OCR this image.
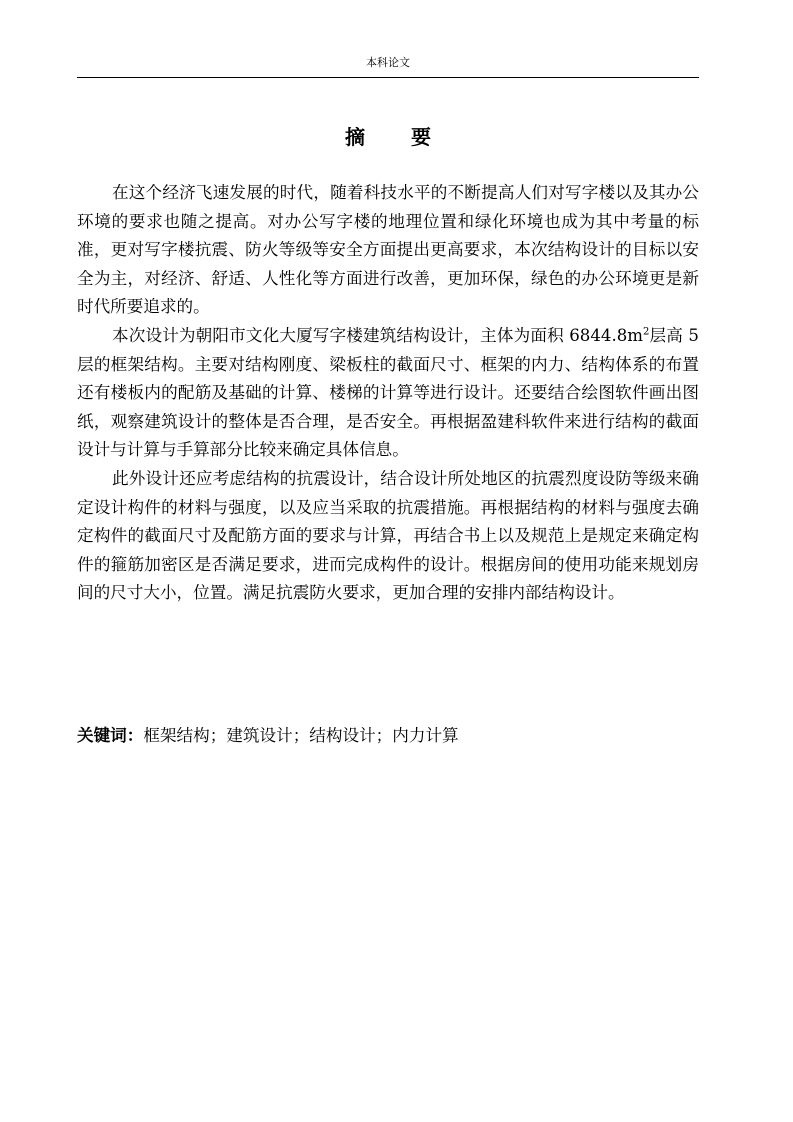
本科论文
摘要

在这个经济飞速发展的时代，随着科技水平的不断提高人们对写字楼以及其办公环境的要求也随之提高。对办公写字楼的地理位置和绿化环境也成为其中考量的标准，更对写字楼抗震、防火等级等安全方面提出更高要求，本次结构设计的目标以安全为主，对经济、舒适、人性化等方面进行改善，更加环保，绿色的办公环境更是新时代所要追求的。

本次设计为朝阳市文化大厦写字楼建筑结构设计，主体为面积 $6844.8m^2$层高 5 层的框架结构。主要对结构刚度、梁板柱的截面尺寸、框架的内力、结构体系的布置还有楼板内的配筋及基础的计算、楼梯的计算等进行设计。还要结合绘图软件画出图纸，观察建筑设计的整体是否合理，是否安全。再根据盈建科软件来进行结构的截面设计与计算与手算部分比较来确定具体信息。

此外设计还应考虑结构的抗震设计，结合设计所处地区的抗震烈度设防等级来确定设计构件的材料与强度，以及应当采取的抗震措施。再根据结构的材料与强度去确定构件的截面尺寸及配筋方面的要求与计算，再结合书上以及规范上是规定来确定构件的箍筋加密区是否满足要求，进而完成构件的设计。根据房间的使用功能来规划房间的尺寸大小，位置。满足抗震防火要求，更加合理的安排内部结构设计。

关键词：框架结构；建筑设计；结构设计；内力计算
